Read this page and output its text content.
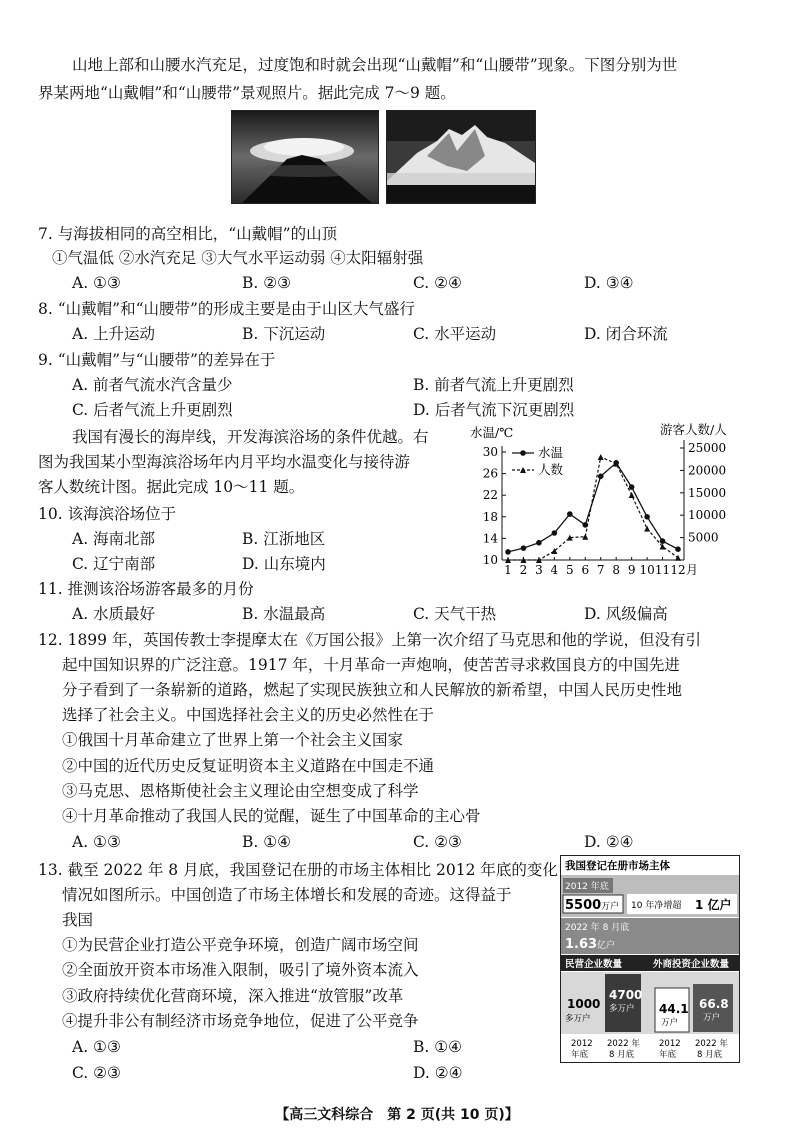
山地上部和山腰水汽充足，过度饱和时就会出现“山戴帽”和“山腰带”现象。下图分别为世
界某两地“山戴帽”和“山腰带”景观照片。据此完成 7～9 题。
7. 与海拔相同的高空相比，“山戴帽”的山顶
①气温低 ②水汽充足 ③大气水平运动弱 ④太阳辐射强
A. ①③	B. ②③	C. ②④	D. ③④
8. “山戴帽”和“山腰带”的形成主要是由于山区大气盛行
A. 上升运动	B. 下沉运动	C. 水平运动	D. 闭合环流
9. “山戴帽”与“山腰带”的差异在于
A. 前者气流水汽含量少	B. 前者气流上升更剧烈
C. 后者气流上升更剧烈	D. 后者气流下沉更剧烈
我国有漫长的海岸线，开发海滨浴场的条件优越。右
图为我国某小型海滨浴场年内月平均水温变化与接待游
客人数统计图。据此完成 10～11 题。
水温/℃	游客人数/人
10
14
18
22
26
30
5000
10000
15000
20000
25000
1 2 3 4 5 6 7 8 9 10 11 12 月
水温
人数
10. 该海滨浴场位于
A. 海南北部	B. 江浙地区
C. 辽宁南部	D. 山东境内
11. 推测该浴场游客最多的月份
A. 水质最好	B. 水温最高	C. 天气干热	D. 风级偏高
12. 1899 年，英国传教士李提摩太在《万国公报》上第一次介绍了马克思和他的学说，但没有引
起中国知识界的广泛注意。1917 年，十月革命一声炮响，使苦苦寻求救国良方的中国先进
分子看到了一条崭新的道路，燃起了实现民族独立和人民解放的新希望，中国人民历史性地
选择了社会主义。中国选择社会主义的历史必然性在于
①俄国十月革命建立了世界上第一个社会主义国家
②中国的近代历史反复证明资本主义道路在中国走不通
③马克思、恩格斯使社会主义理论由空想变成了科学
④十月革命推动了我国人民的觉醒，诞生了中国革命的主心骨
A. ①③	B. ①④	C. ②③	D. ②④
13. 截至 2022 年 8 月底，我国登记在册的市场主体相比 2012 年底的变化
情况如图所示。中国创造了市场主体增长和发展的奇迹。这得益于
我国
①为民营企业打造公平竞争环境，创造广阔市场空间
②全面放开资本市场准入限制，吸引了境外资本流入
③政府持续优化营商环境，深入推进“放管服”改革
④提升非公有制经济市场竞争地位，促进了公平竞争
A. ①③	B. ①④
C. ②③	D. ②④
我国登记在册市场主体
2012 年底
5500 万户 10 年净增超 1 亿户
2022 年 8 月底
1.63 亿户
民营企业数量	外商投资企业数量
1000
多万户
4700
多万户 44.1
万户
66.8
万户
2012
年底
2022 年
8 月底
2012
年底
2022 年
8 月底
【高三文科综合　第 2 页(共 10 页)】
